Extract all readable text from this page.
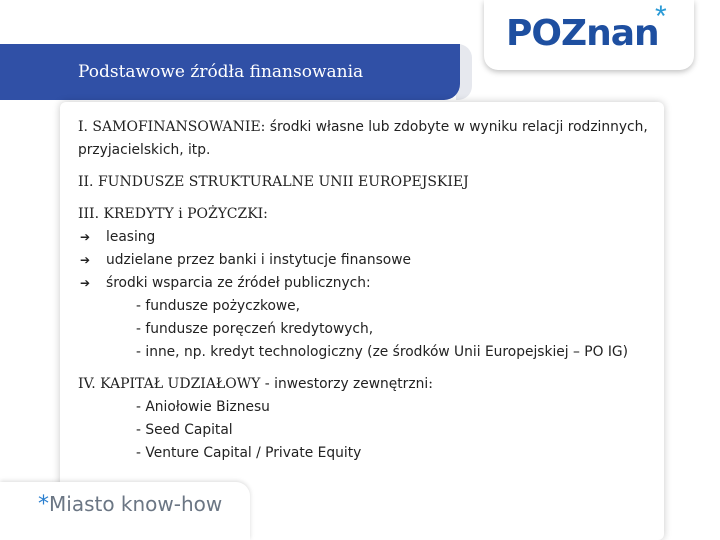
POZnan
*
Podstawowe źródła finansowania
I. SAMOFINANSOWANIE: środki własne lub zdobyte w wyniku relacji rodzinnych, przyjacielskich, itp.
II. FUNDUSZE STRUKTURALNE UNII EUROPEJSKIEJ
III. KREDYTY i POŻYCZKI:
➔	leasing
➔	udzielane przez banki i instytucje finansowe
➔	środki wsparcia ze źródeł publicznych:
- fundusze pożyczkowe,
- fundusze poręczeń kredytowych,
- inne, np. kredyt technologiczny (ze środków Unii Europejskiej – PO IG)
IV. KAPITAŁ UDZIAŁOWY - inwestorzy zewnętrzni:
- Aniołowie Biznesu
- Seed Capital
- Venture Capital / Private Equity
*Miasto know-how
